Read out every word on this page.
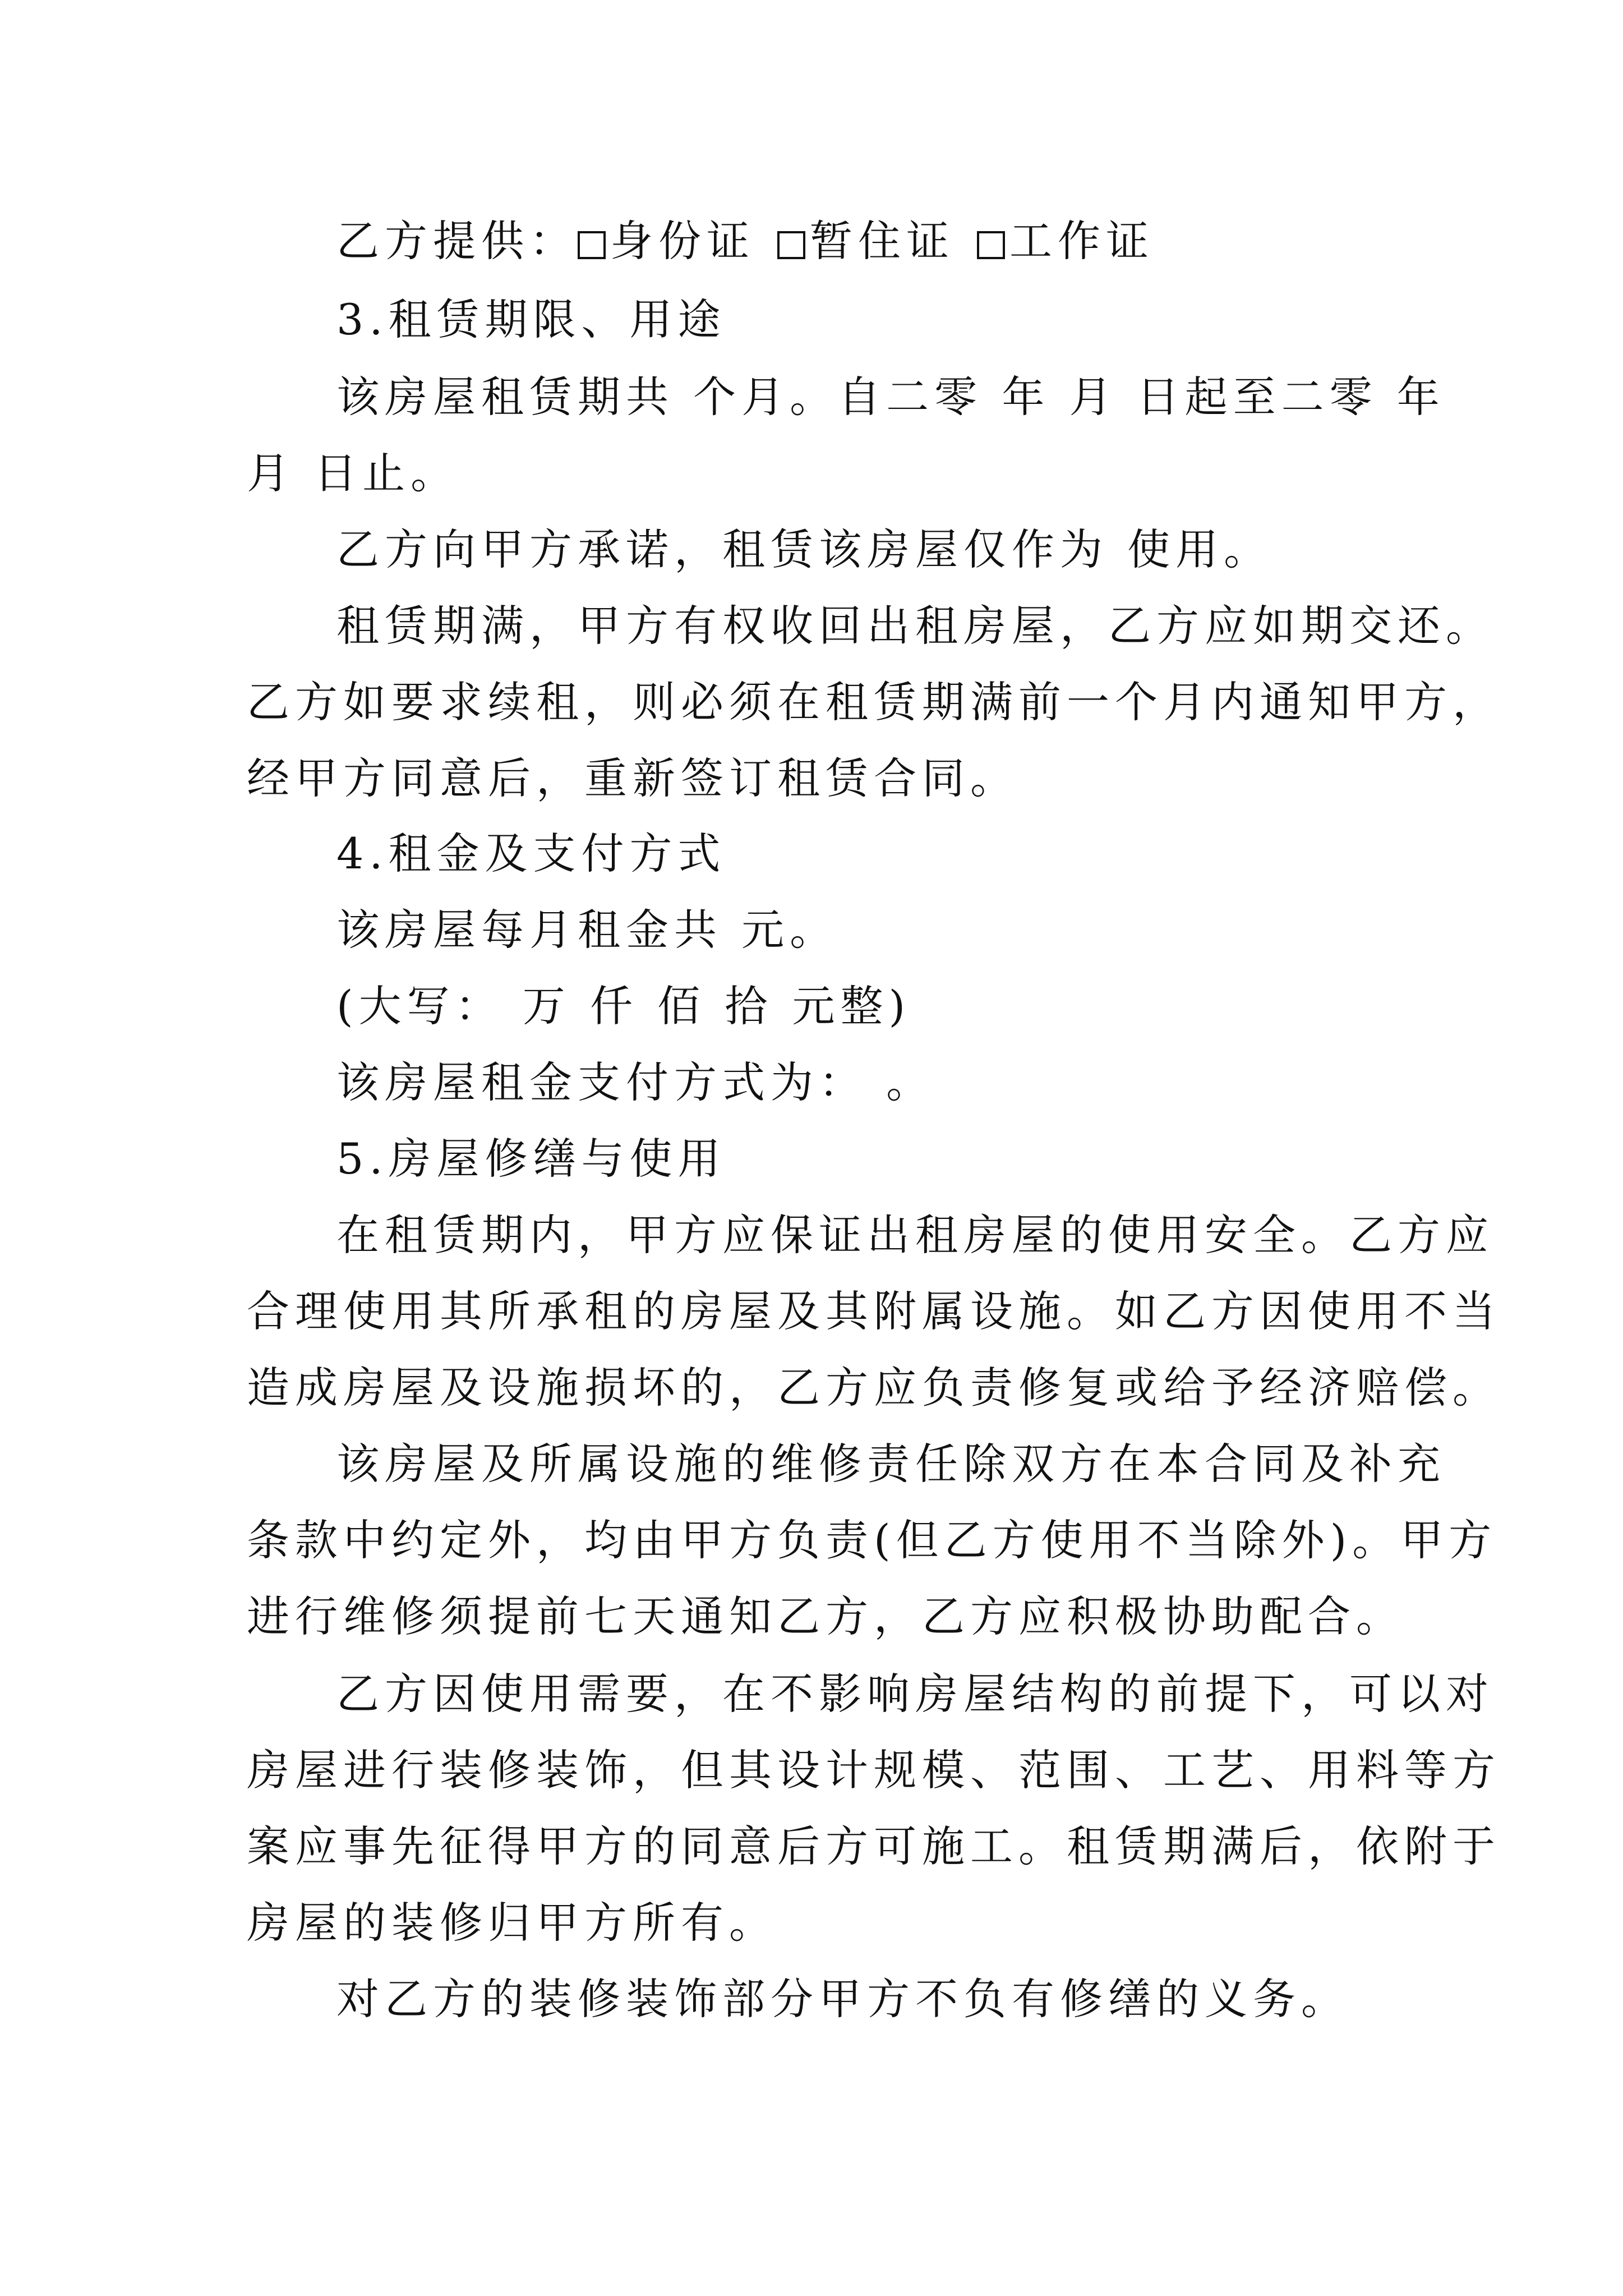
乙方提供： 身份证 暂住证 工作证
3.租赁期限、用途
该房屋租赁期共 个月。自二零 年 月 日起至二零 年
月 日止。
乙方向甲方承诺，租赁该房屋仅作为 使用。
租赁期满，甲方有权收回出租房屋，乙方应如期交还。
乙方如要求续租，则必须在租赁期满前一个月内通知甲方，
经甲方同意后，重新签订租赁合同。
4.租金及支付方式
该房屋每月租金共 元。
(大写： 万 仟 佰 拾 元整)
该房屋租金支付方式为： 。
5.房屋修缮与使用
在租赁期内，甲方应保证出租房屋的使用安全。乙方应
合理使用其所承租的房屋及其附属设施。如乙方因使用不当
造成房屋及设施损坏的，乙方应负责修复或给予经济赔偿。
该房屋及所属设施的维修责任除双方在本合同及补充
条款中约定外，均由甲方负责(但乙方使用不当除外)。甲方
进行维修须提前七天通知乙方，乙方应积极协助配合。
乙方因使用需要，在不影响房屋结构的前提下，可以对
房屋进行装修装饰，但其设计规模、范围、工艺、用料等方
案应事先征得甲方的同意后方可施工。租赁期满后，依附于
房屋的装修归甲方所有。
对乙方的装修装饰部分甲方不负有修缮的义务。
